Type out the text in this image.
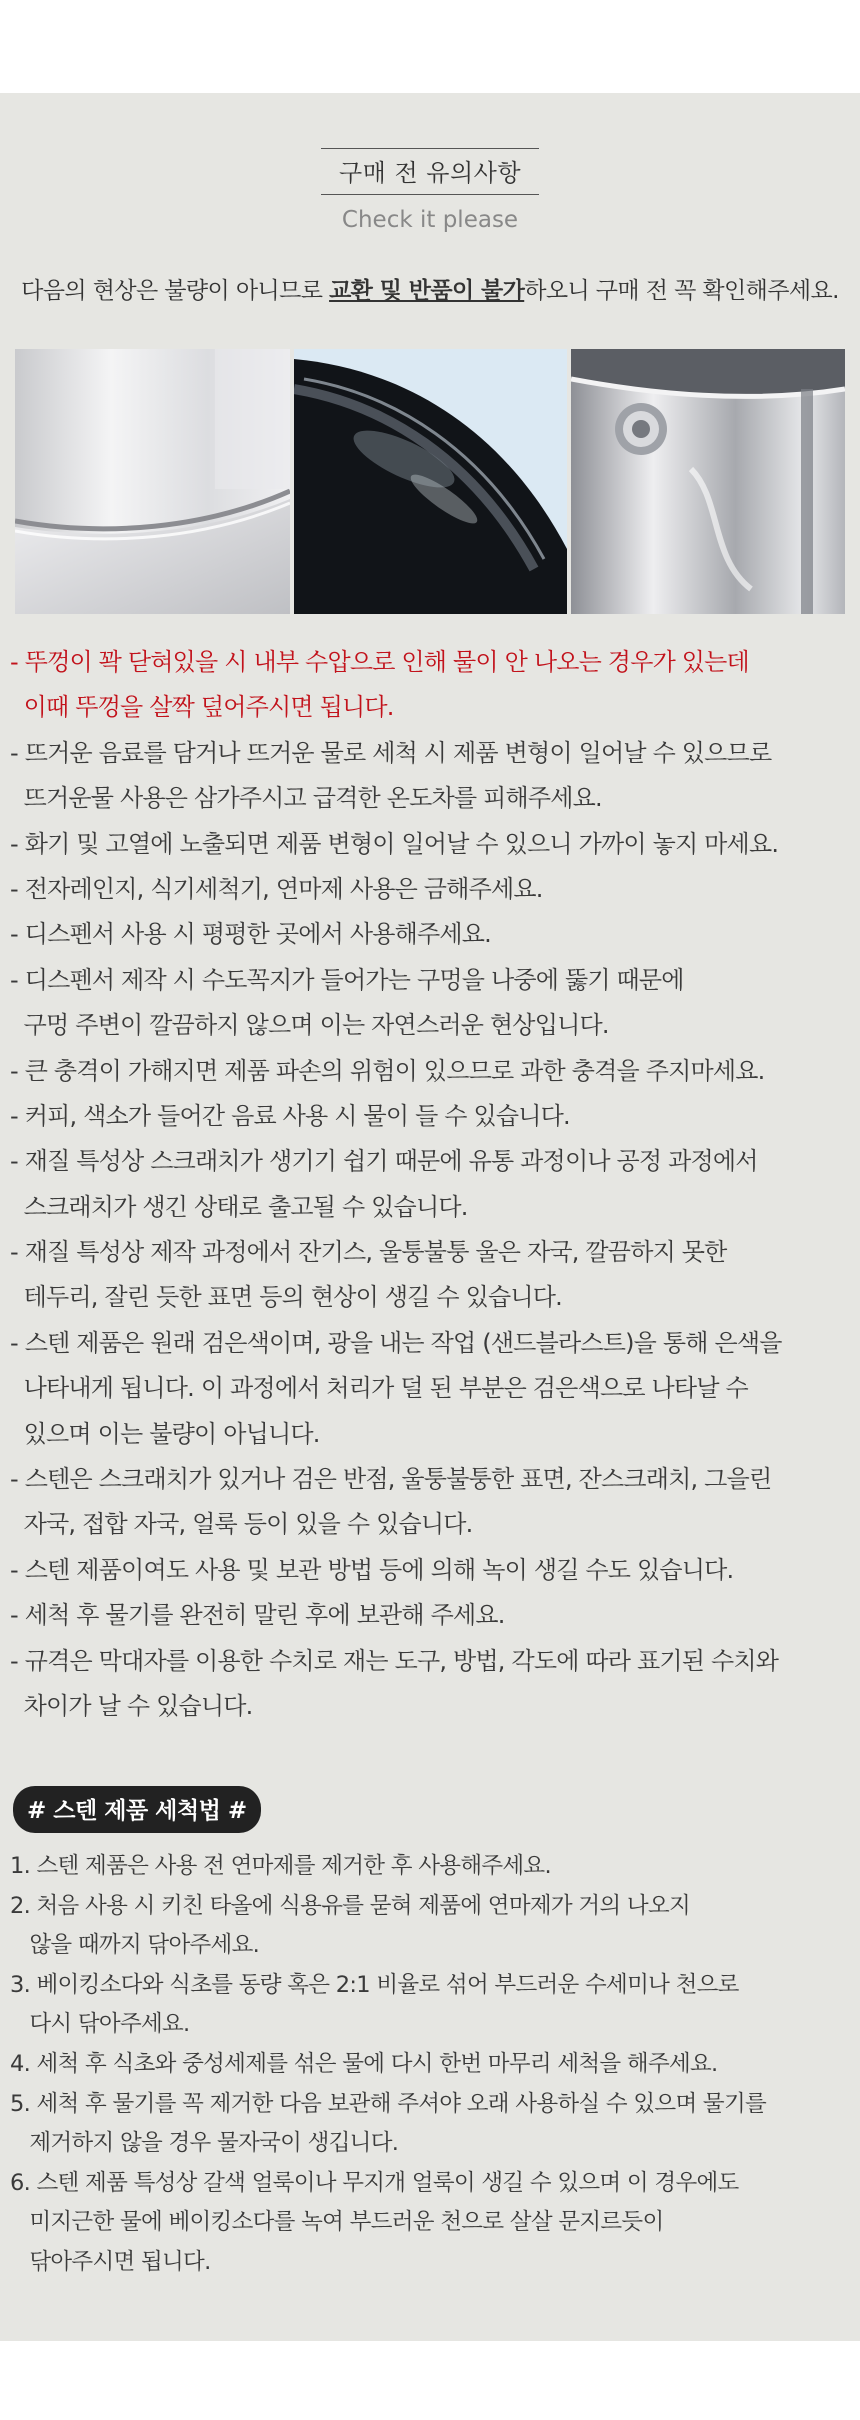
구매 전 유의사항
Check it please
다음의 현상은 불량이 아니므로 교환 및 반품이 불가하오니 구매 전 꼭 확인해주세요.
- 뚜껑이 꽉 닫혀있을 시 내부 수압으로 인해 물이 안 나오는 경우가 있는데
이때 뚜껑을 살짝 덮어주시면 됩니다.
- 뜨거운 음료를 담거나 뜨거운 물로 세척 시 제품 변형이 일어날 수 있으므로
뜨거운물 사용은 삼가주시고 급격한 온도차를 피해주세요.
- 화기 및 고열에 노출되면 제품 변형이 일어날 수 있으니 가까이 놓지 마세요.
- 전자레인지, 식기세척기, 연마제 사용은 금해주세요.
- 디스펜서 사용 시 평평한 곳에서 사용해주세요.
- 디스펜서 제작 시 수도꼭지가 들어가는 구멍을 나중에 뚫기 때문에
구멍 주변이 깔끔하지 않으며 이는 자연스러운 현상입니다.
- 큰 충격이 가해지면 제품 파손의 위험이 있으므로 과한 충격을 주지마세요.
- 커피, 색소가 들어간 음료 사용 시 물이 들 수 있습니다.
- 재질 특성상 스크래치가 생기기 쉽기 때문에 유통 과정이나 공정 과정에서
스크래치가 생긴 상태로 출고될 수 있습니다.
- 재질 특성상 제작 과정에서 잔기스, 울퉁불퉁 울은 자국, 깔끔하지 못한
테두리, 잘린 듯한 표면 등의 현상이 생길 수 있습니다.
- 스텐 제품은 원래 검은색이며, 광을 내는 작업 (샌드블라스트)을 통해 은색을
나타내게 됩니다. 이 과정에서 처리가 덜 된 부분은 검은색으로 나타날 수
있으며 이는 불량이 아닙니다.
- 스텐은 스크래치가 있거나 검은 반점, 울퉁불퉁한 표면, 잔스크래치, 그을린
자국, 접합 자국, 얼룩 등이 있을 수 있습니다.
- 스텐 제품이여도 사용 및 보관 방법 등에 의해 녹이 생길 수도 있습니다.
- 세척 후 물기를 완전히 말린 후에 보관해 주세요.
- 규격은 막대자를 이용한 수치로 재는 도구, 방법, 각도에 따라 표기된 수치와
차이가 날 수 있습니다.
# 스텐 제품 세척법 #
1. 스텐 제품은 사용 전 연마제를 제거한 후 사용해주세요.
2. 처음 사용 시 키친 타올에 식용유를 묻혀 제품에 연마제가 거의 나오지
않을 때까지 닦아주세요.
3. 베이킹소다와 식초를 동량 혹은 2:1 비율로 섞어 부드러운 수세미나 천으로
다시 닦아주세요.
4. 세척 후 식초와 중성세제를 섞은 물에 다시 한번 마무리 세척을 해주세요.
5. 세척 후 물기를 꼭 제거한 다음 보관해 주셔야 오래 사용하실 수 있으며 물기를
제거하지 않을 경우 물자국이 생깁니다.
6. 스텐 제품 특성상 갈색 얼룩이나 무지개 얼룩이 생길 수 있으며 이 경우에도
미지근한 물에 베이킹소다를 녹여 부드러운 천으로 살살 문지르듯이
닦아주시면 됩니다.
